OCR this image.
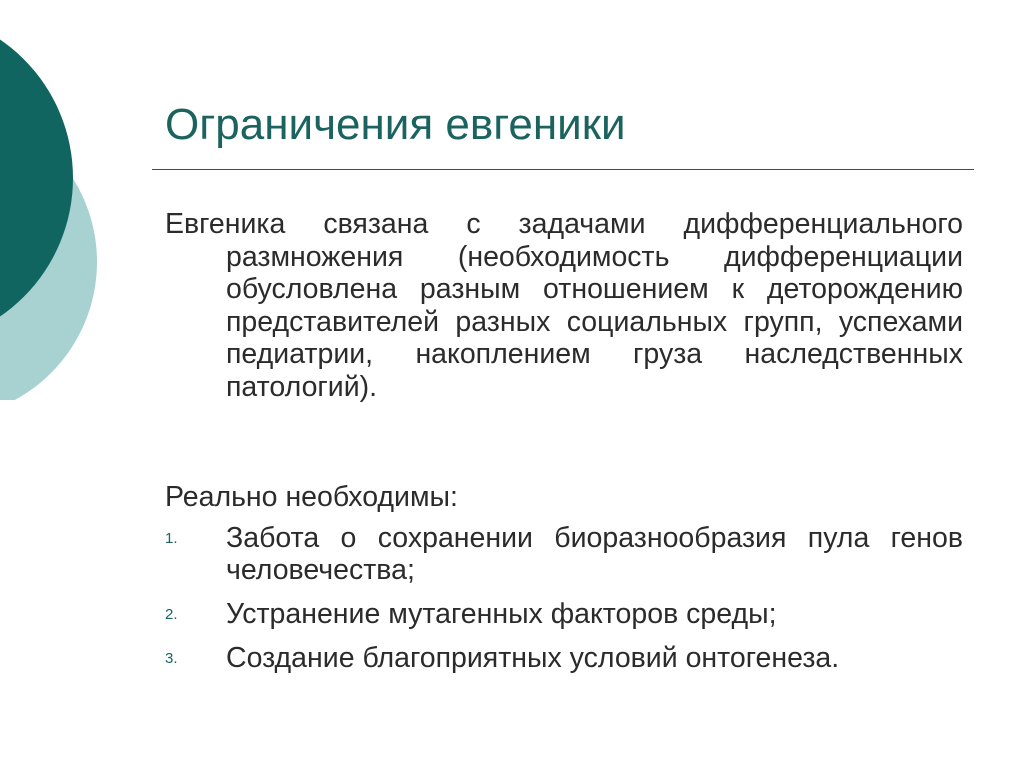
Ограничения евгеники

Евгеника связана с задачами дифференциального размножения (необходимость дифференциации обусловлена разным отношением к деторождению представителей разных социальных групп, успехами педиатрии, накоплением груза наследственных патологий).

Реально необходимы:

1. Забота о сохранении биоразнообразия пула генов человечества;
2. Устранение мутагенных факторов среды;
3. Создание благоприятных условий онтогенеза.
